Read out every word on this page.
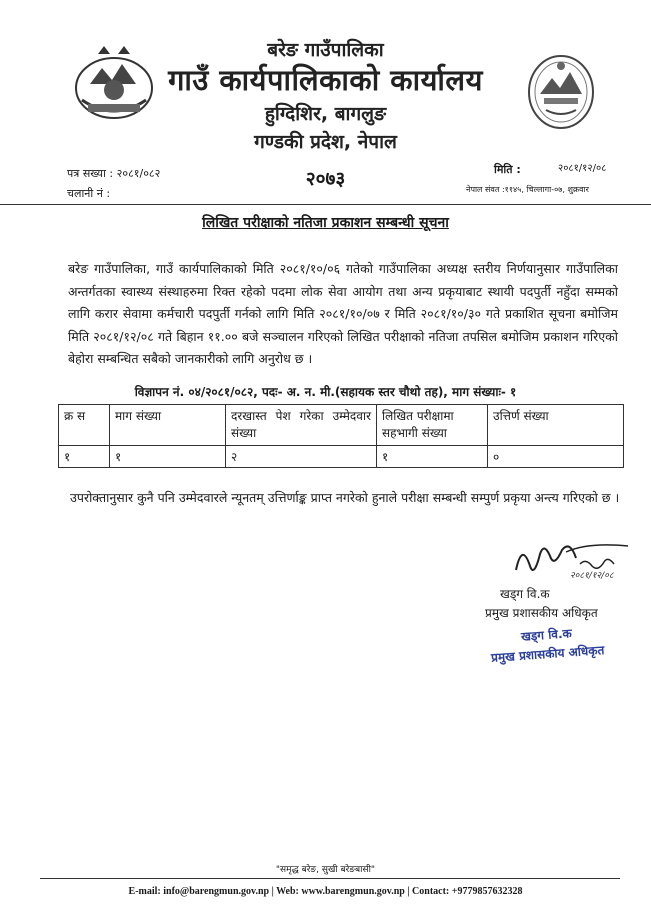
बरेङ गाउँपालिका
गाउँ कार्यपालिकाको कार्यालय
हुग्दिशिर, बागलुङ
गण्डकी प्रदेश, नेपाल
२०७३
पत्र सख्या : २०८१/०८२
चलानी नं :
मिति :	२०८१/१२/०८
नेपाल संवत :११४५, चिल्लागा-०७, शुक्रवार
लिखित परीक्षाको नतिजा प्रकाशन सम्बन्धी सूचना
बरेङ गाउँपालिका, गाउँ कार्यपालिकाको मिति २०८१/१०/०६ गतेको गाउँपालिका अध्यक्ष स्तरीय निर्णयानुसार गाउँपालिका अन्तर्गतका स्वास्थ्य संस्थाहरुमा रिक्त रहेको पदमा लोक सेवा आयोग तथा अन्य प्रकृयाबाट स्थायी पदपुर्ती नहुँदा सम्मको लागि करार सेवामा कर्मचारी पदपुर्ती गर्नको लागि मिति २०८१/१०/०७ र मिति २०८१/१०/३० गते प्रकाशित सूचना बमोजिम मिति २०८१/१२/०८ गते बिहान ११.०० बजे सञ्चालन गरिएको लिखित परीक्षाको नतिजा तपसिल बमोजिम प्रकाशन गरिएको बेहोरा सम्बन्धित सबैको जानकारीको लागि अनुरोध छ ।
विज्ञापन नं. ०४/२०८१/०८२, पदः- अ. न. मी.(सहायक स्तर चौथो तह), माग संख्याः- १
क्र स	माग संख्या	दरखास्त पेश गरेका उम्मेदवार संख्या	लिखित परीक्षामा सहभागी संख्या	उत्तिर्ण संख्या
१	१	२	१	०
उपरोक्तानुसार कुनै पनि उम्मेदवारले न्यूनतम् उत्तिर्णाङ्क प्राप्त नगरेको हुनाले परीक्षा सम्बन्धी सम्पुर्ण प्रकृया अन्त्य गरिएको छ ।
२०८१/१२/०८
खड्ग वि.क
प्रमुख प्रशासकीय अधिकृत
खड्ग वि.क
प्रमुख प्रशासकीय अधिकृत
"समृद्ध बरेङ, सुखी बरेङबासी"
E-mail: info@barengmun.gov.np | Web: www.barengmun.gov.np | Contact: +9779857632328
